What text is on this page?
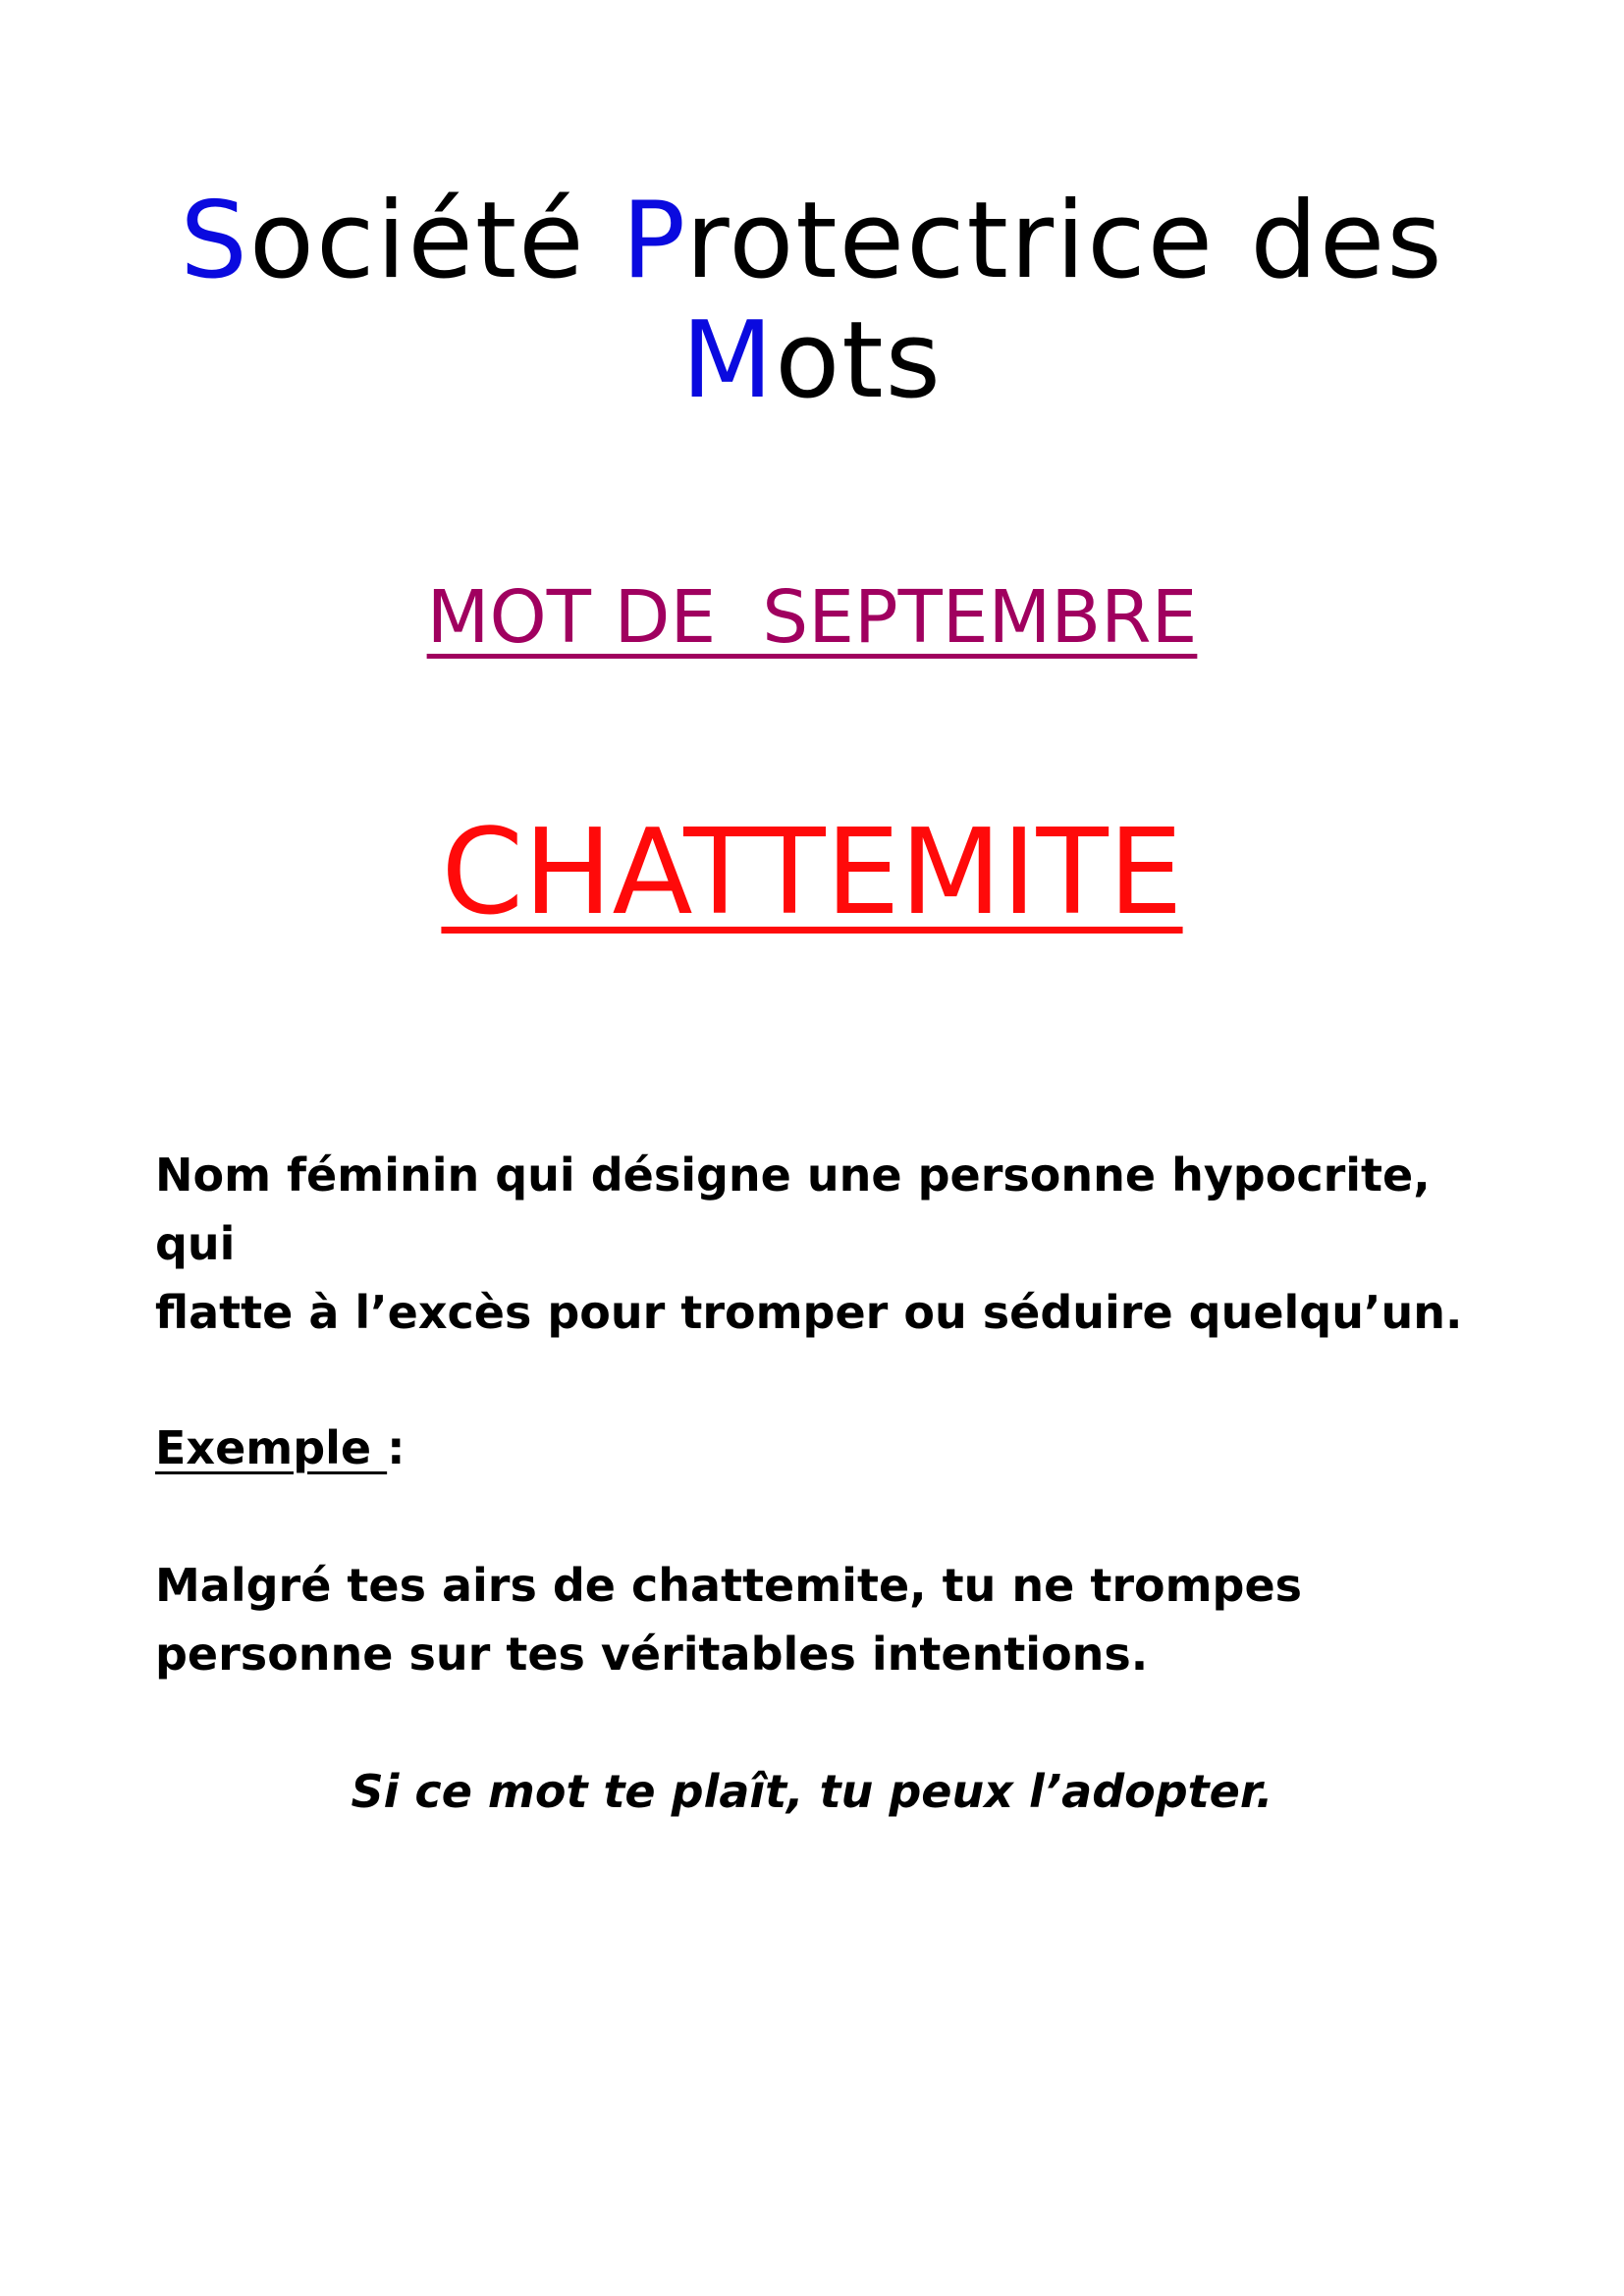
Société Protectrice des
Mots

MOT DE  SEPTEMBRE

CHATTEMITE

Nom féminin qui désigne une personne hypocrite, qui
flatte à l’excès pour tromper ou séduire quelqu’un.

Exemple :

Malgré tes airs de chattemite, tu ne trompes
personne sur tes véritables intentions.

Si ce mot te plaît, tu peux l’adopter.
